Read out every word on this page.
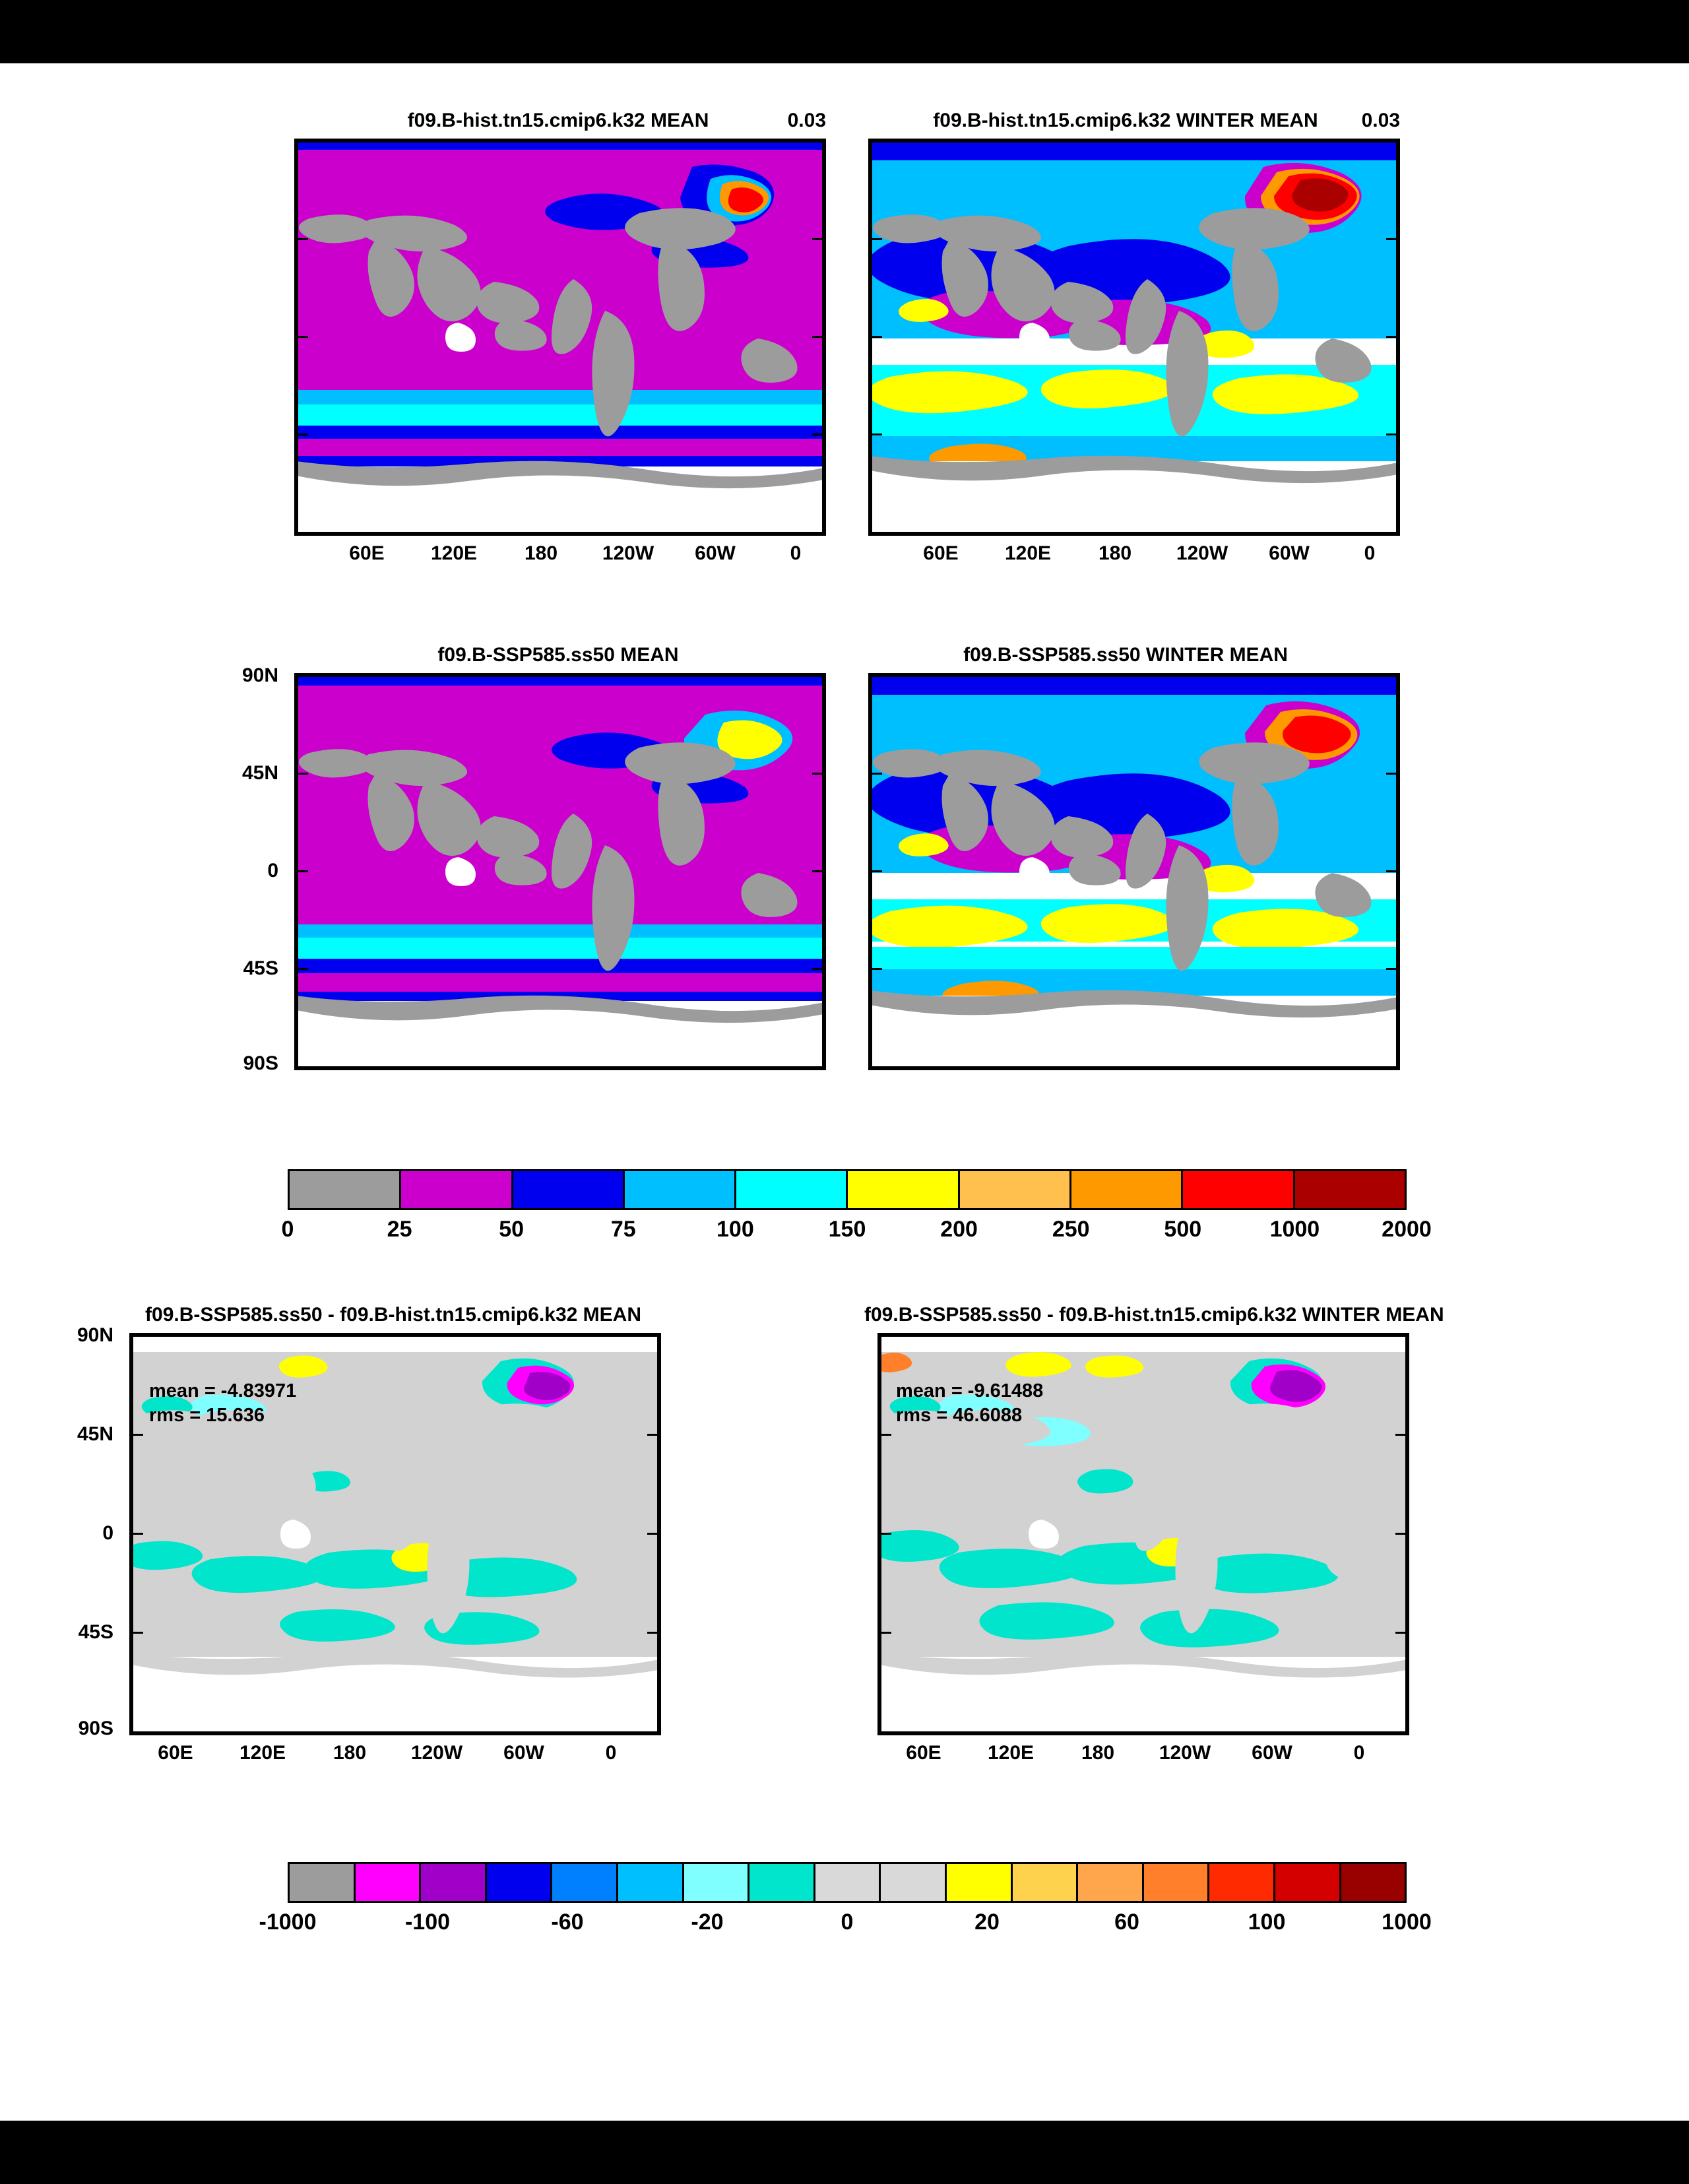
f09.B-hist.tn15.cmip6.k32 MEAN	0.03
60E 120E 180 120W 60W	0
f09.B-hist.tn15.cmip6.k32 WINTER MEAN	0.03
60E 120E 180 120W 60W	0
f09.B-SSP585.ss50 MEAN
90N
45N
0
45S
90S
f09.B-SSP585.ss50 WINTER MEAN
0	25	50	75	100	150	200	250	500	1000	2000
f09.B-SSP585.ss50 - f09.B-hist.tn15.cmip6.k32 MEAN
90N
45N
0
45S
90S
mean = -4.83971
rms = 15.636
60E 120E 180 120W 60W	0
f09.B-SSP585.ss50 - f09.B-hist.tn15.cmip6.k32 WINTER MEAN
mean = -9.61488
rms = 46.6088
60E 120E 180 120W 60W	0
-1000	-100	-60	-20	0	20	60	100	1000
